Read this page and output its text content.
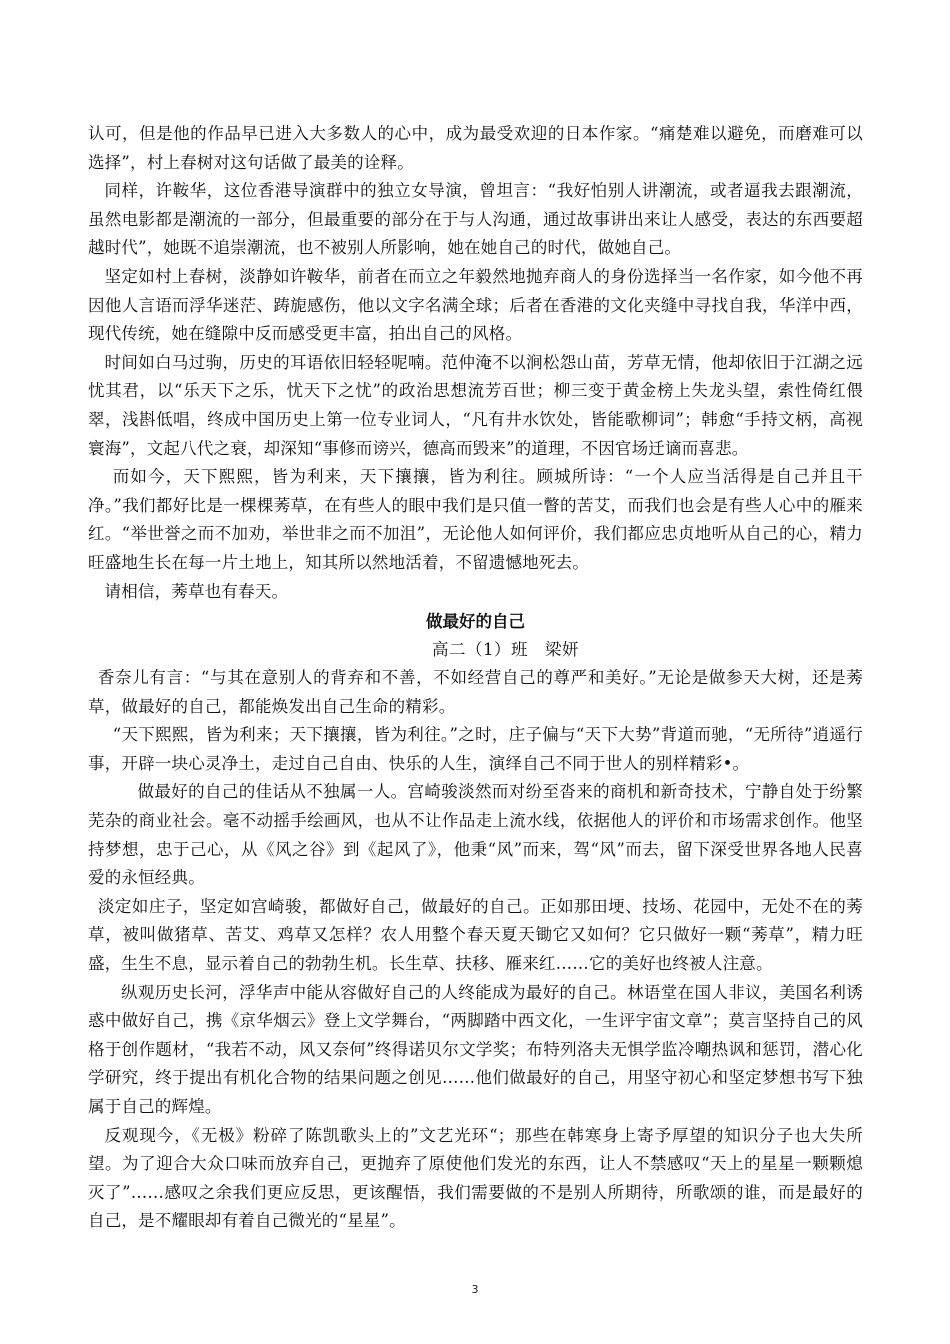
认可，但是他的作品早已进入大多数人的心中，成为最受欢迎的日本作家。“痛楚难以避免，而磨难可以选择”，村上春树对这句话做了最美的诠释。

同样，许鞍华，这位香港导演群中的独立女导演，曾坦言：“我好怕别人讲潮流，或者逼我去跟潮流，虽然电影都是潮流的一部分，但最重要的部分在于与人沟通，通过故事讲出来让人感受，表达的东西要超越时代”，她既不追崇潮流，也不被别人所影响，她在她自己的时代，做她自己。

坚定如村上春树，淡静如许鞍华，前者在而立之年毅然地抛弃商人的身份选择当一名作家，如今他不再因他人言语而浮华迷茫、踌旎感伤，他以文字名满全球；后者在香港的文化夹缝中寻找自我，华洋中西，现代传统，她在缝隙中反而感受更丰富，拍出自己的风格。

时间如白马过驹，历史的耳语依旧轻轻呢喃。范仲淹不以涧松怨山苗，芳草无情，他却依旧于江湖之远忧其君，以“乐天下之乐，忧天下之忧”的政治思想流芳百世；柳三变于黄金榜上失龙头望，索性倚红偎翠，浅斟低唱，终成中国历史上第一位专业词人，“凡有井水饮处，皆能歌柳词”；韩愈“手持文柄，高视寰海”，文起八代之衰，却深知“事修而谤兴，德高而毁来”的道理，不因官场迁谪而喜悲。

而如今，天下熙熙，皆为利来，天下攘攘，皆为利往。顾城所诗：“一个人应当活得是自己并且干净。”我们都好比是一棵棵莠草，在有些人的眼中我们是只值一瞥的苦艾，而我们也会是有些人心中的雁来红。“举世誉之而不加劝，举世非之而不加沮”，无论他人如何评价，我们都应忠贞地听从自己的心，精力旺盛地生长在每一片土地上，知其所以然地活着，不留遗憾地死去。

请相信，莠草也有春天。

做最好的自己

高二（1）班　梁妍

香奈儿有言：“与其在意别人的背弃和不善，不如经营自己的尊严和美好。”无论是做参天大树，还是莠草，做最好的自己，都能焕发出自己生命的精彩。

“天下熙熙，皆为利来；天下攘攘，皆为利往。”之时，庄子偏与“天下大势”背道而驰，“无所待”逍遥行事，开辟一块心灵净土，走过自己自由、快乐的人生，演绎自己不同于世人的别样精彩•。

做最好的自己的佳话从不独属一人。宫崎骏淡然而对纷至沓来的商机和新奇技术，宁静自处于纷繁芜杂的商业社会。毫不动摇手绘画风，也从不让作品走上流水线，依据他人的评价和市场需求创作。他坚持梦想，忠于己心，从《风之谷》到《起风了》，他秉“风”而来，驾“风”而去，留下深受世界各地人民喜爱的永恒经典。

淡定如庄子，坚定如宫崎骏，都做好自己，做最好的自己。正如那田埂、技场、花园中，无处不在的莠草，被叫做猪草、苦艾、鸡草又怎样？农人用整个春天夏天锄它又如何？它只做好一颗“莠草”，精力旺盛，生生不息，显示着自己的勃勃生机。长生草、扶移、雁来红……它的美好也终被人注意。

纵观历史长河，浮华声中能从容做好自己的人终能成为最好的自己。林语堂在国人非议，美国名利诱惑中做好自己，携《京华烟云》登上文学舞台，“两脚踏中西文化，一生评宇宙文章”；莫言坚持自己的风格于创作题材，“我若不动，风又奈何”终得诺贝尔文学奖；布特列洛夫无惧学监冷嘲热讽和惩罚，潜心化学研究，终于提出有机化合物的结果问题之创见……他们做最好的自己，用坚守初心和坚定梦想书写下独属于自己的辉煌。

反观现今，《无极》粉碎了陈凯歌头上的”文艺光环“；那些在韩寒身上寄予厚望的知识分子也大失所望。为了迎合大众口味而放弃自己，更抛弃了原使他们发光的东西，让人不禁感叹“天上的星星一颗颗熄灭了”……感叹之余我们更应反思，更该醒悟，我们需要做的不是别人所期待，所歌颂的谁，而是最好的自己，是不耀眼却有着自己微光的“星星”。

3
